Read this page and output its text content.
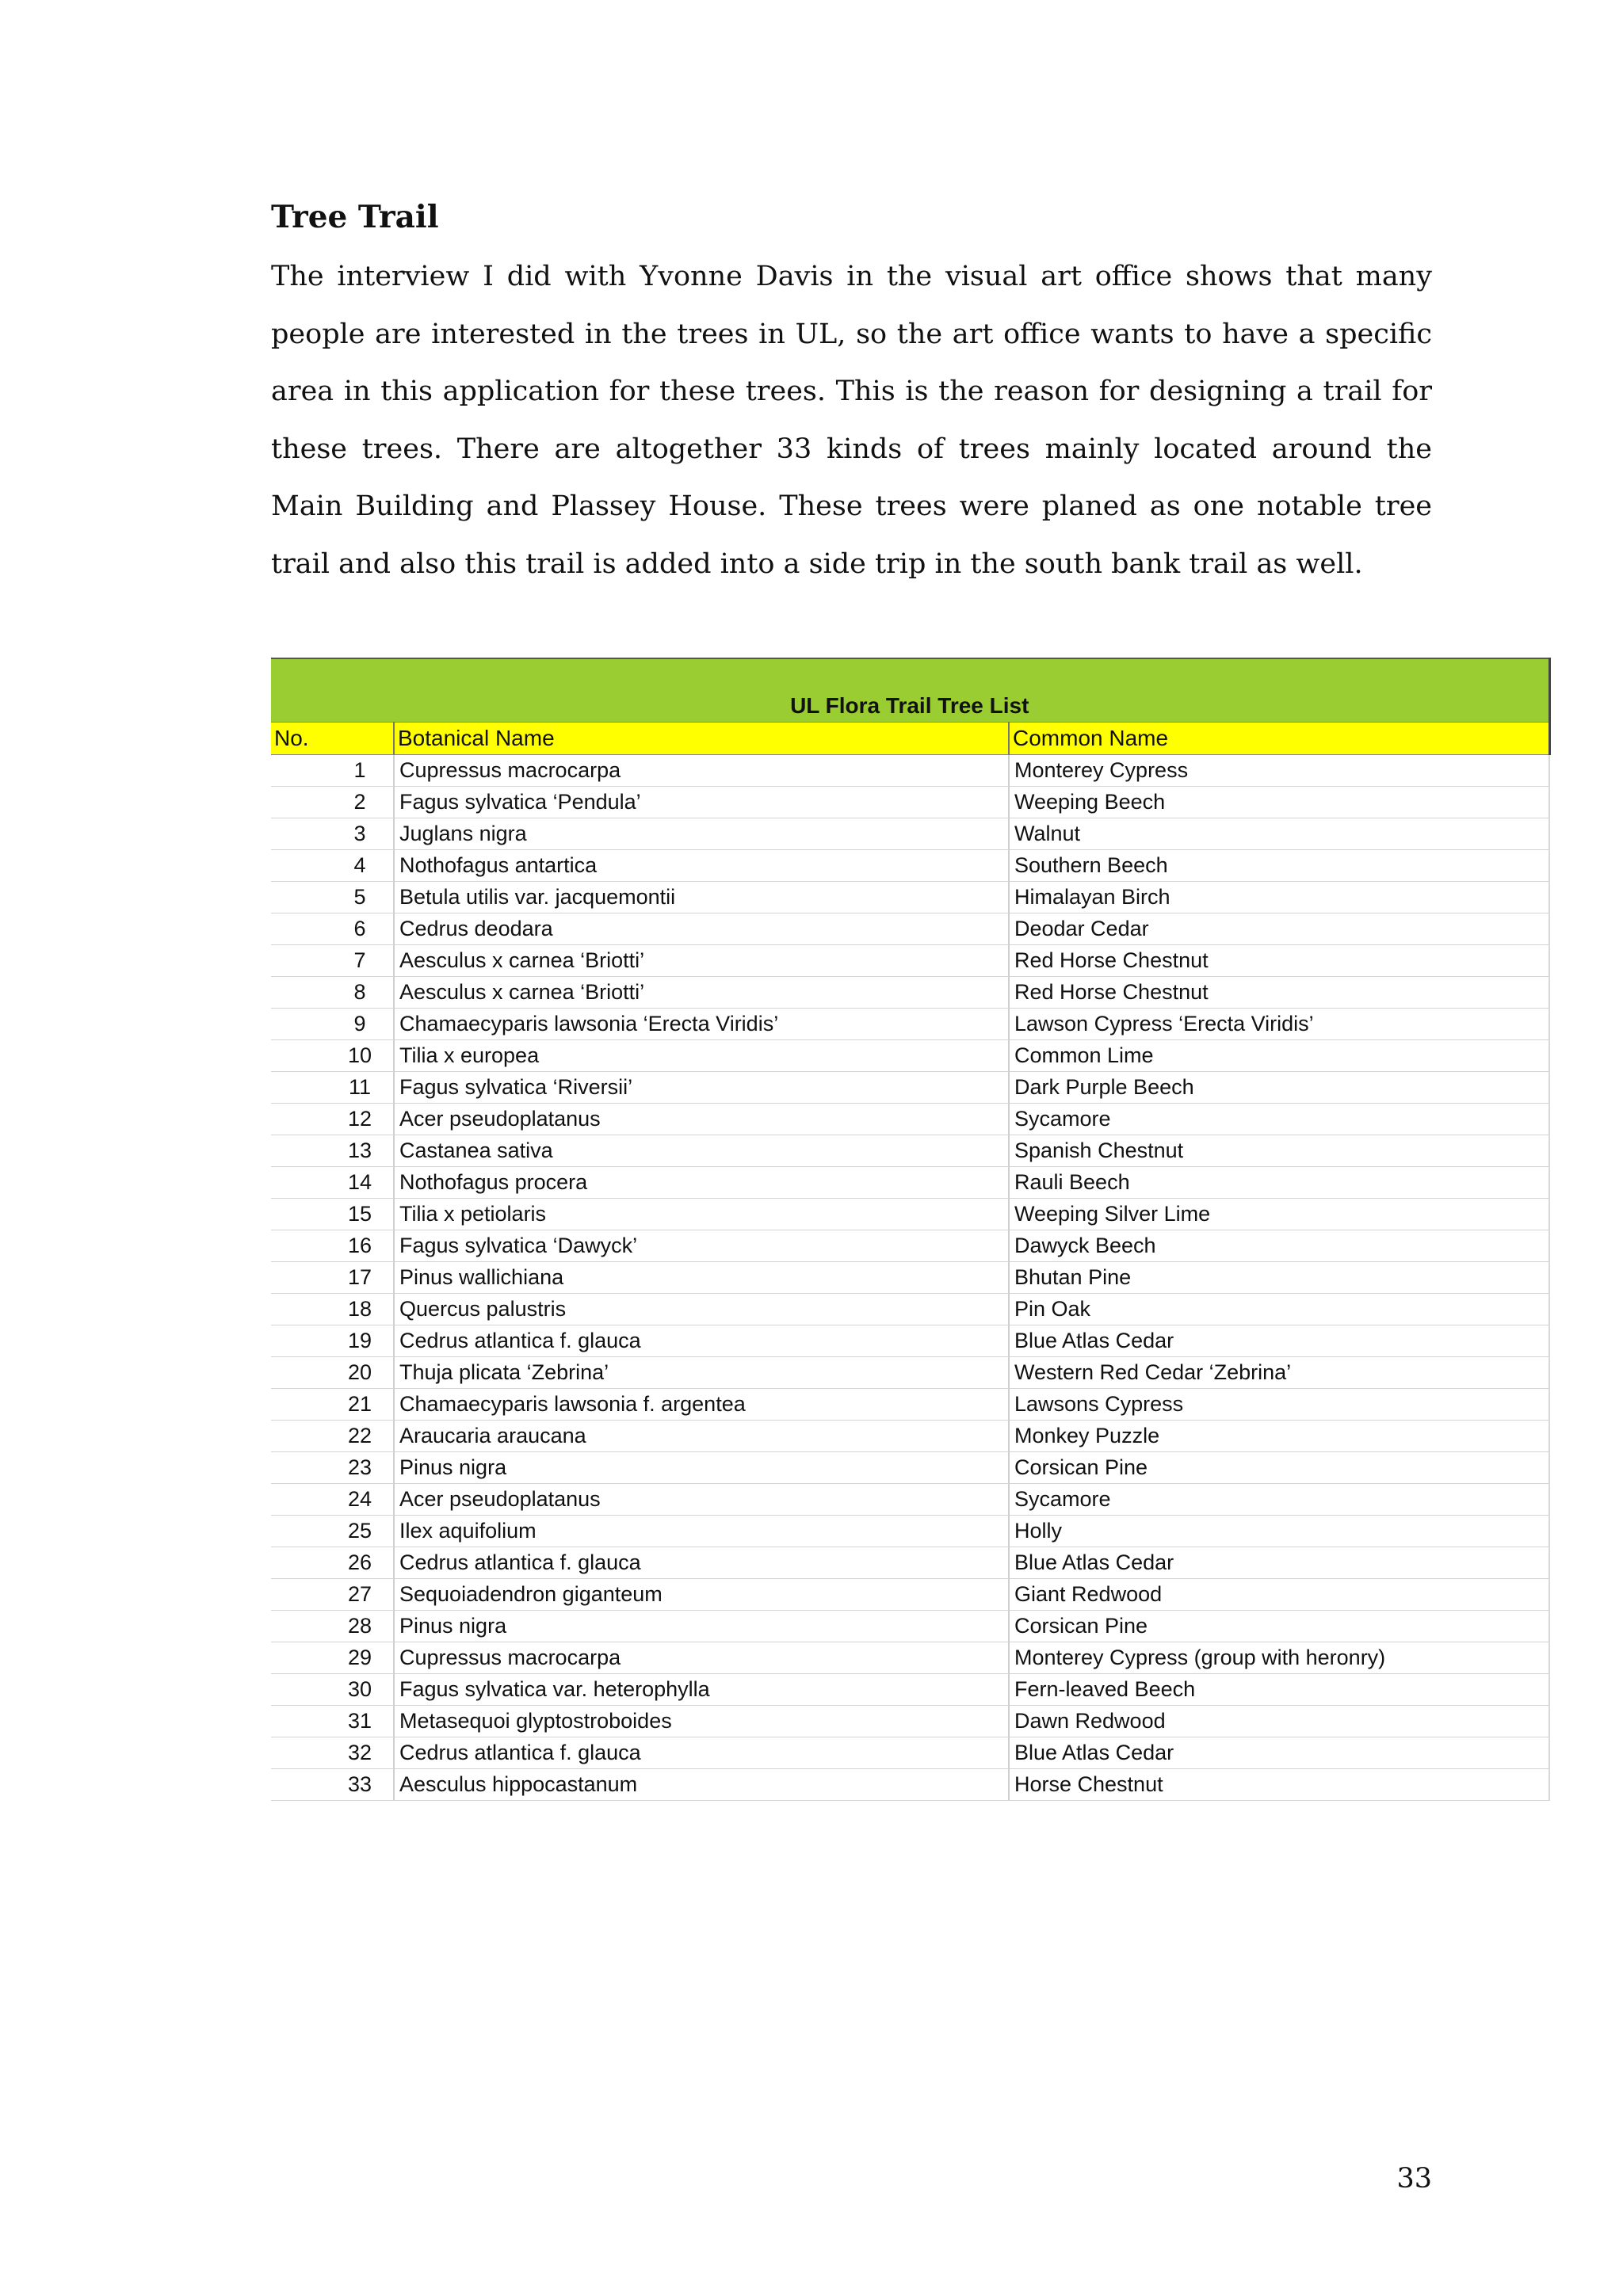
Tree Trail

The interview I did with Yvonne Davis in the visual art office shows that many people are interested in the trees in UL, so the art office wants to have a specific area in this application for these trees. This is the reason for designing a trail for these trees. There are altogether 33 kinds of trees mainly located around the Main Building and Plassey House. These trees were planed as one notable tree trail and also this trail is added into a side trip in the south bank trail as well.

UL Flora Trail Tree List		
No.	Botanical Name	Common Name
1	Cupressus macrocarpa	Monterey Cypress
2	Fagus sylvatica ‘Pendula’	Weeping Beech
3	Juglans nigra	Walnut
4	Nothofagus antartica	Southern Beech
5	Betula utilis var. jacquemontii	Himalayan Birch
6	Cedrus deodara	Deodar Cedar
7	Aesculus x carnea ‘Briotti’	Red Horse Chestnut
8	Aesculus x carnea ‘Briotti’	Red Horse Chestnut
9	Chamaecyparis lawsonia ‘Erecta Viridis’	Lawson Cypress ‘Erecta Viridis’
10	Tilia x europea	Common Lime
11	Fagus sylvatica ‘Riversii’	Dark Purple Beech
12	Acer pseudoplatanus	Sycamore
13	Castanea sativa	Spanish Chestnut
14	Nothofagus procera	Rauli Beech
15	Tilia x petiolaris	Weeping Silver Lime
16	Fagus sylvatica ‘Dawyck’	Dawyck Beech
17	Pinus wallichiana	Bhutan Pine
18	Quercus palustris	Pin Oak
19	Cedrus atlantica f. glauca	Blue Atlas Cedar
20	Thuja plicata ‘Zebrina’	Western Red Cedar ‘Zebrina’
21	Chamaecyparis lawsonia f. argentea	Lawsons Cypress
22	Araucaria araucana	Monkey Puzzle
23	Pinus nigra	Corsican Pine
24	Acer pseudoplatanus	Sycamore
25	Ilex aquifolium	Holly
26	Cedrus atlantica f. glauca	Blue Atlas Cedar
27	Sequoiadendron giganteum	Giant Redwood
28	Pinus nigra	Corsican Pine
29	Cupressus macrocarpa	Monterey Cypress (group with heronry)
30	Fagus sylvatica var. heterophylla	Fern-leaved Beech
31	Metasequoi glyptostroboides	Dawn Redwood
32	Cedrus atlantica f. glauca	Blue Atlas Cedar
33	Aesculus hippocastanum	Horse Chestnut
33
